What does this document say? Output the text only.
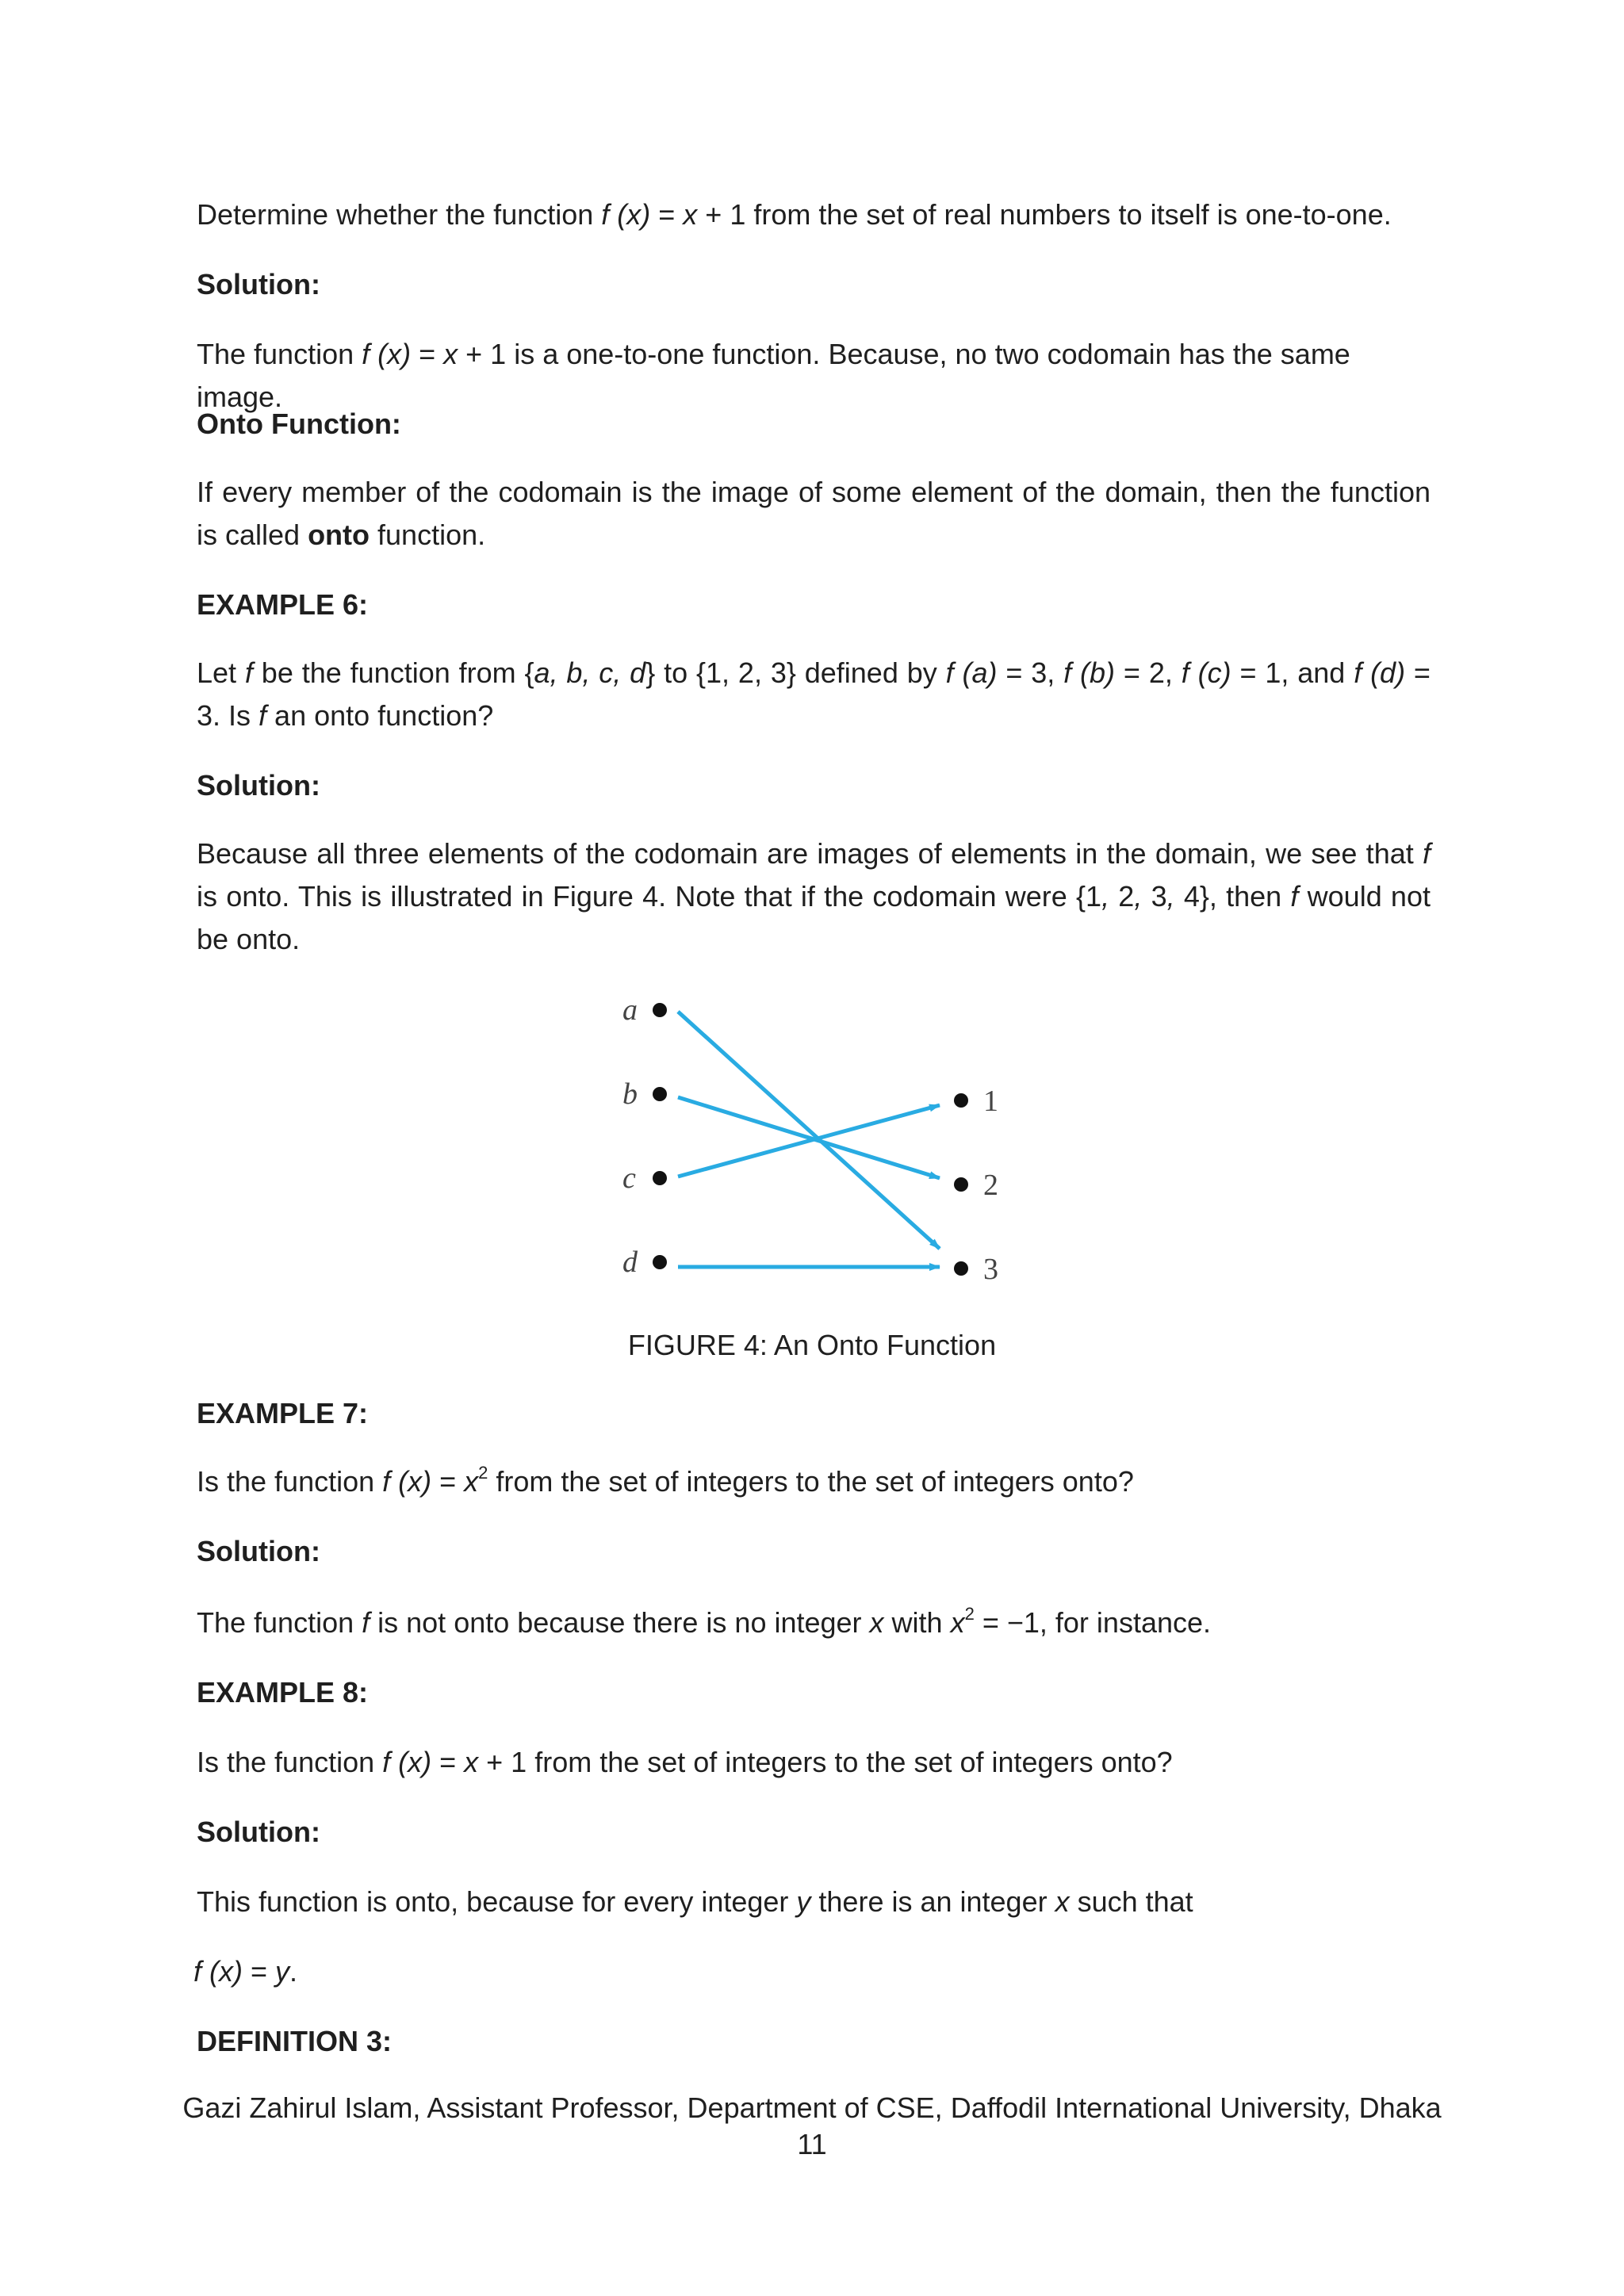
Determine whether the function f (x) = x + 1 from the set of real numbers to itself is one-to-one.

Solution:

The function f (x) = x + 1 is a one-to-one function. Because, no two codomain has the same image.

Onto Function:

If every member of the codomain is the image of some element of the domain, then the function is called onto function.

EXAMPLE 6:

Let f be the function from {a, b, c, d} to {1, 2, 3} defined by f (a) = 3, f (b) = 2, f (c) = 1, and f (d) = 3. Is f an onto function?

Solution:

Because all three elements of the codomain are images of elements in the domain, we see that f is onto. This is illustrated in Figure 4. Note that if the codomain were {1, 2, 3, 4}, then f would not be onto.

a
b
c
d
1
2
3
FIGURE 4: An Onto Function

EXAMPLE 7:

Is the function f $(x) = x^2$ from the set of integers to the set of integers onto?

Solution:

The function f is not onto because there is no integer x with $x^2 = -1$, for instance.

EXAMPLE 8:

Is the function f (x) = x + 1 from the set of integers to the set of integers onto?

Solution:

This function is onto, because for every integer y there is an integer x such that

f (x) = y.

DEFINITION 3:

Gazi Zahirul Islam, Assistant Professor, Department of CSE, Daffodil International University, Dhaka
11
